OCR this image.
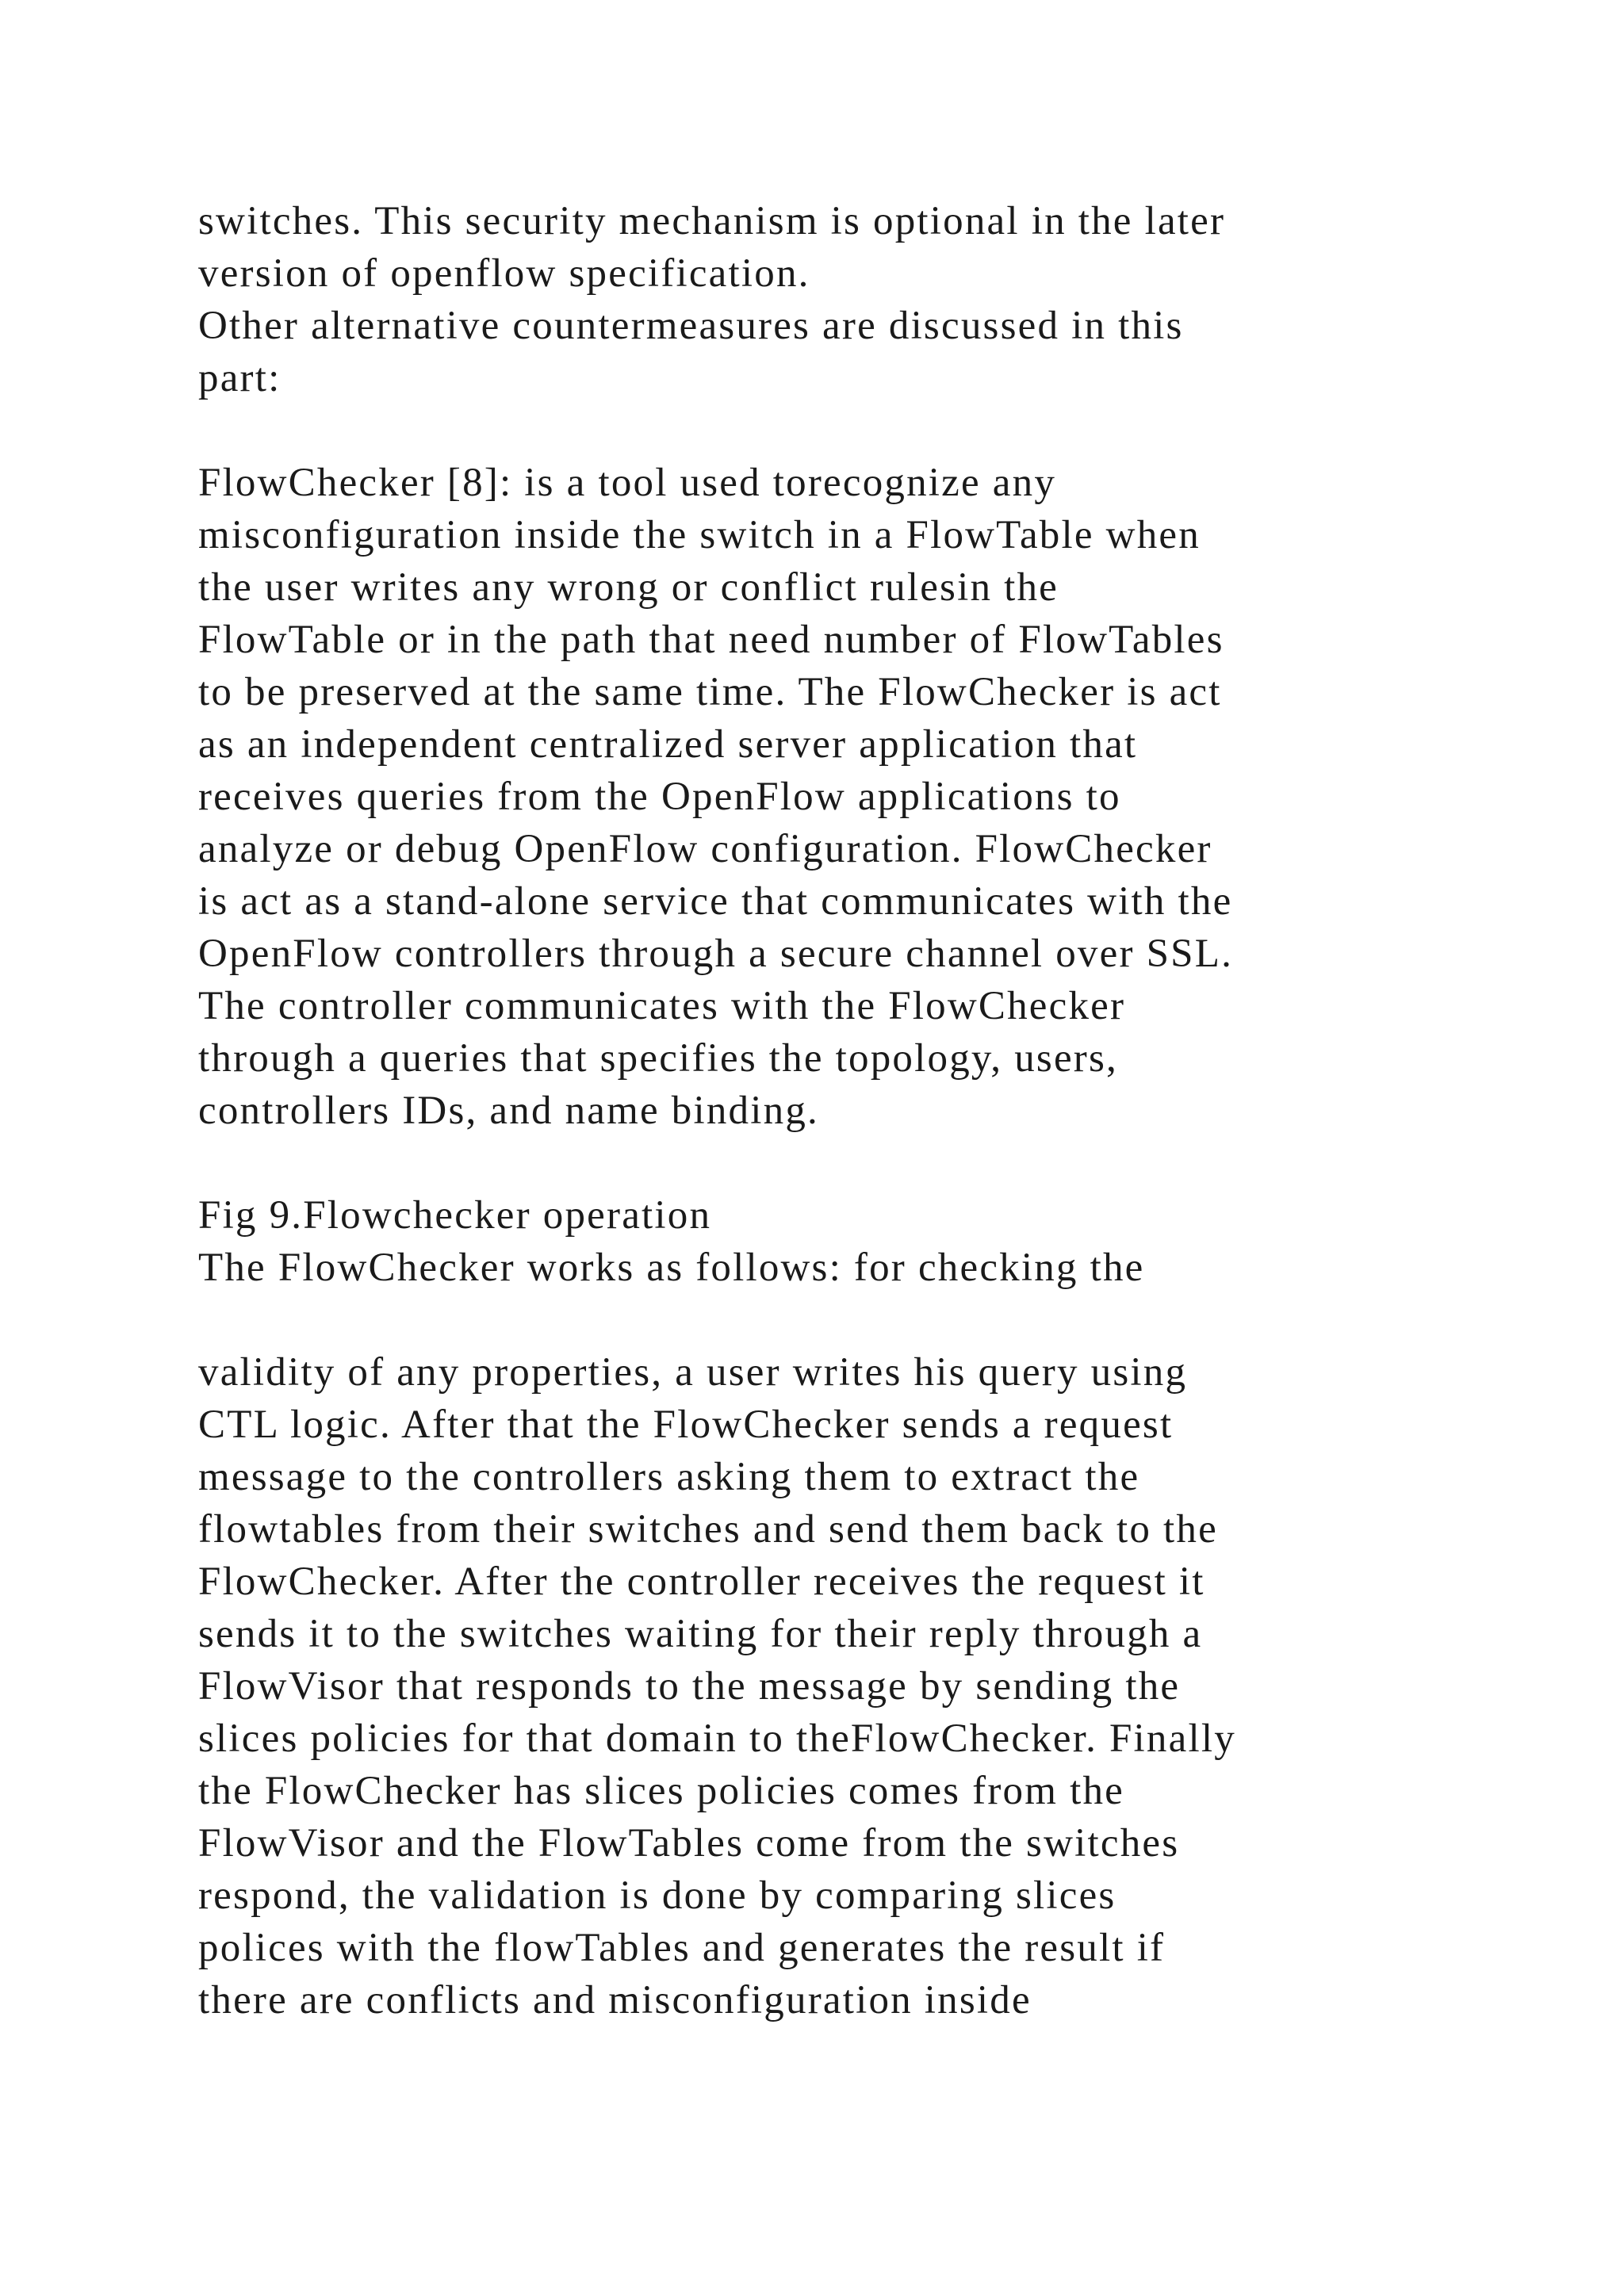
switches. This security mechanism is optional in the later
version of openflow specification.
Other alternative countermeasures are discussed in this
part:
FlowChecker [8]: is a tool used torecognize any
misconfiguration inside the switch in a FlowTable when
the user writes any wrong or conflict rulesin the
FlowTable or in the path that need number of FlowTables
to be preserved at the same time. The FlowChecker is act
as an independent centralized server application that
receives queries from the OpenFlow applications to
analyze or debug OpenFlow configuration. FlowChecker
is act as a stand-alone service that communicates with the
OpenFlow controllers through a secure channel over SSL.
The controller communicates with the FlowChecker
through a queries that specifies the topology, users,
controllers IDs, and name binding.
Fig 9.Flowchecker operation
The FlowChecker works as follows: for checking the
validity of any properties, a user writes his query using
CTL logic. After that the FlowChecker sends a request
message to the controllers asking them to extract the
flowtables from their switches and send them back to the
FlowChecker. After the controller receives the request it
sends it to the switches waiting for their reply through a
FlowVisor that responds to the message by sending the
slices policies for that domain to theFlowChecker. Finally
the FlowChecker has slices policies comes from the
FlowVisor and the FlowTables come from the switches
respond, the validation is done by comparing slices
polices with the flowTables and generates the result if
there are conflicts and misconfiguration inside
